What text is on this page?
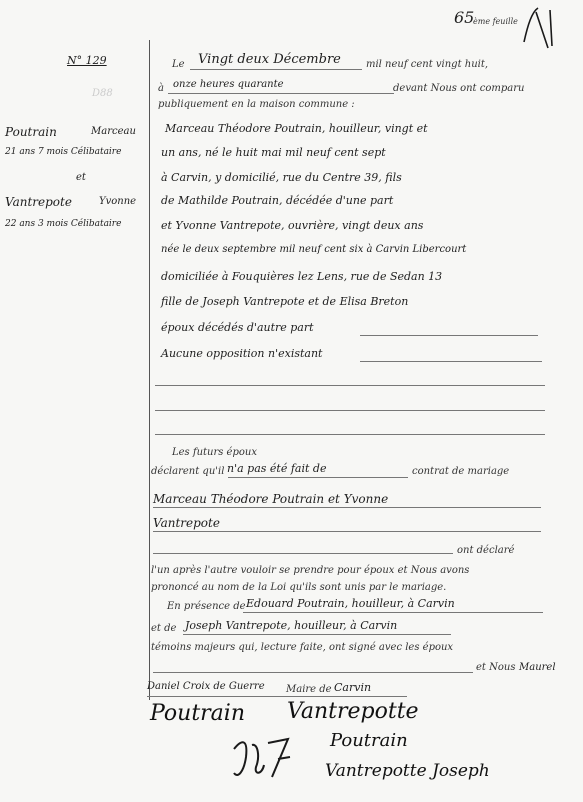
65
ème feuille
N° 129
D88
Poutrain	Marceau
21 ans 7 mois Célibataire
et
Vantrepote	Yvonne
22 ans 3 mois Célibataire
Le Vingt deux Décembre	mil neuf cent vingt huit,
à onze heures quarante	devant Nous ont comparu
publiquement en la maison commune :
Marceau Théodore Poutrain, houilleur, vingt et
un ans, né le huit mai mil neuf cent sept
à Carvin, y domicilié, rue du Centre 39, fils
de Mathilde Poutrain, décédée d'une part
et Yvonne Vantrepote, ouvrière, vingt deux ans
née le deux septembre mil neuf cent six à Carvin Libercourt
domiciliée à Fouquières lez Lens, rue de Sedan 13
fille de Joseph Vantrepote et de Elisa Breton
époux décédés d'autre part
Aucune opposition n'existant
Les futurs époux
déclarent qu'il n'a pas été fait de	contrat de mariage
Marceau Théodore Poutrain et Yvonne
Vantrepote
ont déclaré
l'un après l'autre vouloir se prendre pour époux et Nous avons
prononcé au nom de la Loi qu'ils sont unis par le mariage.
En présence de Edouard Poutrain, houilleur, à Carvin
et de Joseph Vantrepote, houilleur, à Carvin
témoins majeurs qui, lecture faite, ont signé avec les époux
et Nous Maurel
Daniel Croix de Guerre Maire de Carvin
Poutrain Vantrepotte
Poutrain
Vantrepotte Joseph
